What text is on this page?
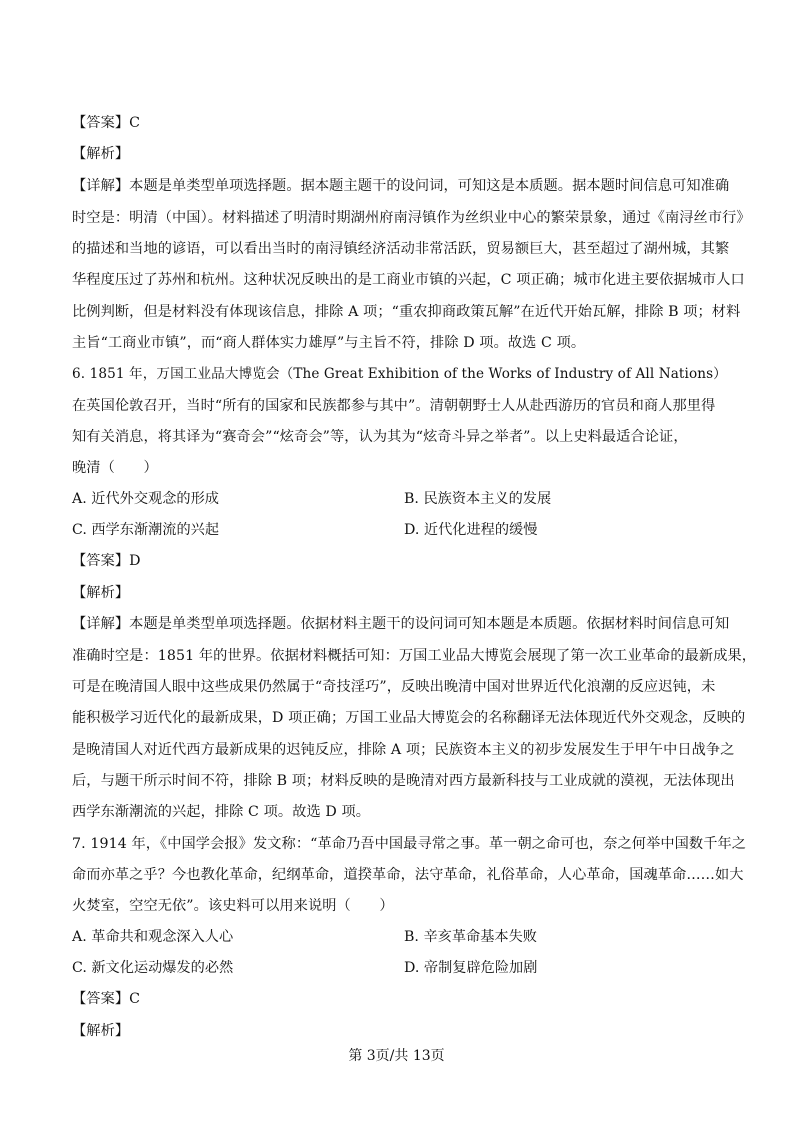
【答案】C
【解析】
【详解】本题是单类型单项选择题。据本题主题干的设问词，可知这是本质题。据本题时间信息可知准确
时空是：明清（中国）。材料描述了明清时期湖州府南浔镇作为丝织业中心的繁荣景象，通过《南浔丝市行》
的描述和当地的谚语，可以看出当时的南浔镇经济活动非常活跃，贸易额巨大，甚至超过了湖州城，其繁
华程度压过了苏州和杭州。这种状况反映出的是工商业市镇的兴起，C 项正确；城市化进主要依据城市人口
比例判断，但是材料没有体现该信息，排除 A 项；“重农抑商政策瓦解”在近代开始瓦解，排除 B 项；材料
主旨“工商业市镇”，而“商人群体实力雄厚”与主旨不符，排除 D 项。故选 C 项。
6. 1851 年，万国工业品大博览会（The Great Exhibition of the Works of Industry of All Nations）
在英国伦敦召开，当时“所有的国家和民族都参与其中”。清朝朝野士人从赴西游历的官员和商人那里得
知有关消息，将其译为“赛奇会”“炫奇会”等，认为其为“炫奇斗异之举者”。以上史料最适合论证，
晚清（　　）
A. 近代外交观念的形成	B. 民族资本主义的发展
C. 西学东渐潮流的兴起	D. 近代化进程的缓慢
【答案】D
【解析】
【详解】本题是单类型单项选择题。依据材料主题干的设问词可知本题是本质题。依据材料时间信息可知
准确时空是：1851 年的世界。依据材料概括可知：万国工业品大博览会展现了第一次工业革命的最新成果，
可是在晚清国人眼中这些成果仍然属于“奇技淫巧”，反映出晚清中国对世界近代化浪潮的反应迟钝，未
能积极学习近代化的最新成果，D 项正确；万国工业品大博览会的名称翻译无法体现近代外交观念，反映的
是晚清国人对近代西方最新成果的迟钝反应，排除 A 项；民族资本主义的初步发展发生于甲午中日战争之
后，与题干所示时间不符，排除 B 项；材料反映的是晚清对西方最新科技与工业成就的漠视，无法体现出
西学东渐潮流的兴起，排除 C 项。故选 D 项。
7. 1914 年，《中国学会报》发文称：“革命乃吾中国最寻常之事。革一朝之命可也，奈之何举中国数千年之
命而亦革之乎？今也教化革命，纪纲革命，道揆革命，法守革命，礼俗革命，人心革命，国魂革命……如大
火焚室，空空无依”。该史料可以用来说明（　　）
A. 革命共和观念深入人心	B. 辛亥革命基本失败
C. 新文化运动爆发的必然	D. 帝制复辟危险加剧
【答案】C
【解析】
第 3页/共 13页
